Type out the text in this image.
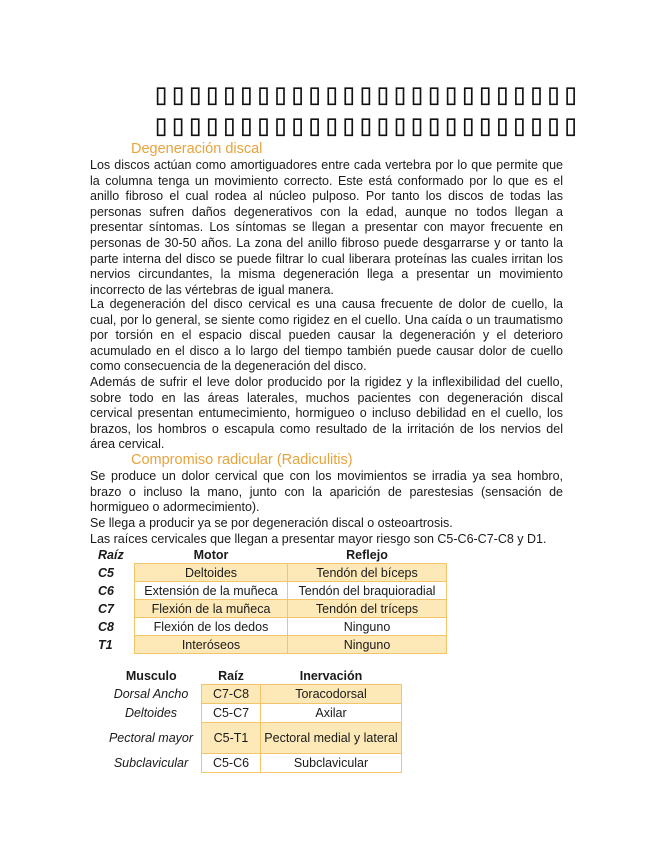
▯▯▯▯▯▯▯▯▯▯▯▯▯▯▯▯▯▯▯▯▯▯▯▯▯
▯▯▯▯▯▯▯▯▯▯▯▯▯▯▯▯▯▯▯▯▯▯▯▯▯
Degeneración discal
Los discos actúan como amortiguadores entre cada vertebra por lo que permite que la columna tenga un movimiento correcto. Este está conformado por lo que es el anillo fibroso el cual rodea al núcleo pulposo. Por tanto los discos de todas las personas sufren daños degenerativos con la edad, aunque no todos llegan a presentar síntomas. Los síntomas se llegan a presentar con mayor frecuente en personas de 30-50 años. La zona del anillo fibroso puede desgarrarse y or tanto la parte interna del disco se puede filtrar lo cual liberara proteínas las cuales irritan los nervios circundantes, la misma degeneración llega a presentar un movimiento incorrecto de las vértebras de igual manera.
La degeneración del disco cervical es una causa frecuente de dolor de cuello, la cual, por lo general, se siente como rigidez en el cuello. Una caída o un traumatismo por torsión en el espacio discal pueden causar la degeneración y el deterioro acumulado en el disco a lo largo del tiempo también puede causar dolor de cuello como consecuencia de la degeneración del disco.
Además de sufrir el leve dolor producido por la rigidez y la inflexibilidad del cuello, sobre todo en las áreas laterales, muchos pacientes con degeneración discal cervical presentan entumecimiento, hormigueo o incluso debilidad en el cuello, los brazos, los hombros o escapula como resultado de la irritación de los nervios del área cervical.
Compromiso radicular (Radiculitis)
Se produce un dolor cervical que con los movimientos se irradia ya sea hombro, brazo o incluso la mano, junto con la aparición de parestesias (sensación de hormigueo o adormecimiento).
Se llega a producir ya se por degeneración discal o osteoartrosis.
Las raíces cervicales que llegan a presentar mayor riesgo son C5-C6-C7-C8 y D1.
Raíz	Motor	Reflejo
C5	Deltoides	Tendón del bíceps
C6	Extensión de la muñeca	Tendón del braquioradial
C7	Flexión de la muñeca	Tendón del tríceps
C8	Flexión de los dedos	Ninguno
T1	Interóseos	Ninguno
Musculo	Raíz	Inervación
Dorsal Ancho	C7-C8	Toracodorsal
Deltoides	C5-C7	Axilar
Pectoral mayor	C5-T1	Pectoral medial y lateral
Subclavicular	C5-C6	Subclavicular
